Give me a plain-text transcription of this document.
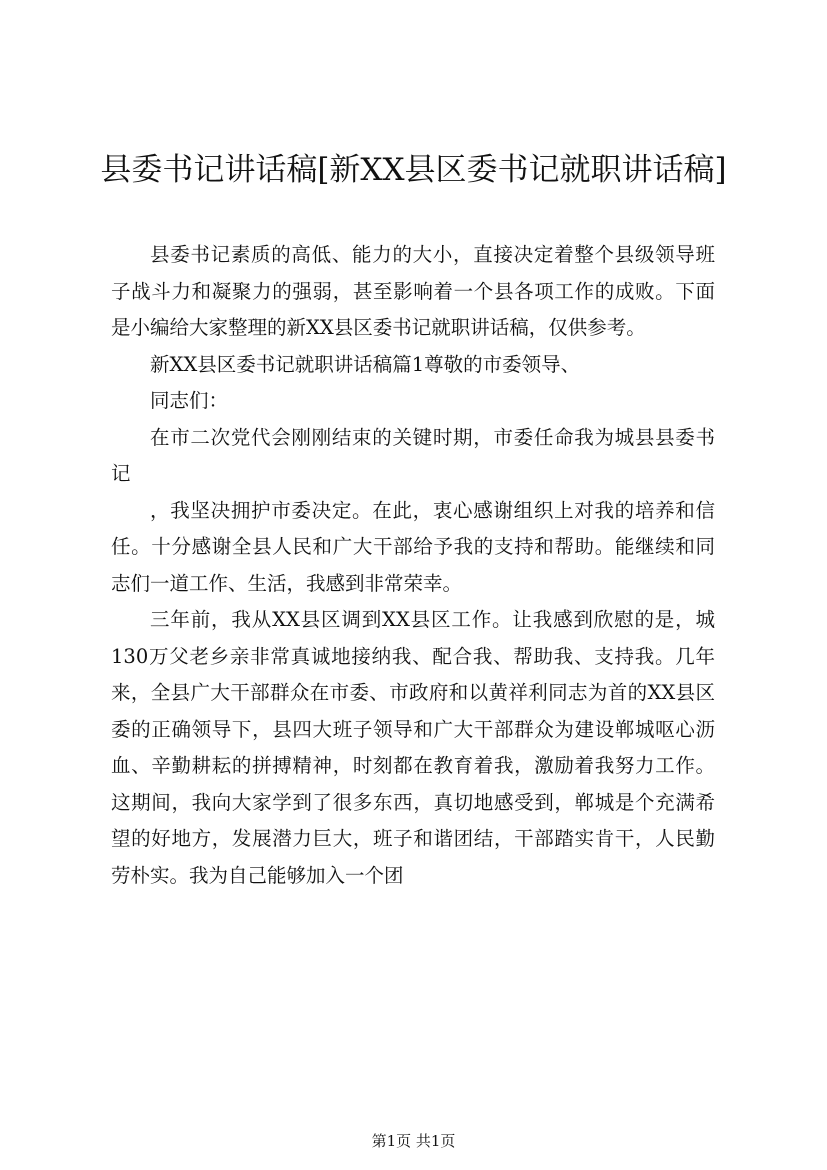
县委书记讲话稿[新XX县区委书记就职讲话稿]

县委书记素质的高低、能力的大小，直接决定着整个县级领导班子战斗力和凝聚力的强弱，甚至影响着一个县各项工作的成败。下面是小编给大家整理的新XX县区委书记就职讲话稿，仅供参考。

新XX县区委书记就职讲话稿篇1尊敬的市委领导、

同志们：

在市二次党代会刚刚结束的关键时期，市委任命我为城县县委书记

，我坚决拥护市委决定。在此，衷心感谢组织上对我的培养和信任。十分感谢全县人民和广大干部给予我的支持和帮助。能继续和同志们一道工作、生活，我感到非常荣幸。

三年前，我从XX县区调到XX县区工作。让我感到欣慰的是，城130万父老乡亲非常真诚地接纳我、配合我、帮助我、支持我。几年来，全县广大干部群众在市委、市政府和以黄祥利同志为首的XX县区委的正确领导下，县四大班子领导和广大干部群众为建设郸城呕心沥血、辛勤耕耘的拼搏精神，时刻都在教育着我，激励着我努力工作。这期间，我向大家学到了很多东西，真切地感受到，郸城是个充满希望的好地方，发展潜力巨大，班子和谐团结，干部踏实肯干，人民勤劳朴实。我为自己能够加入一个团

第1页 共1页
